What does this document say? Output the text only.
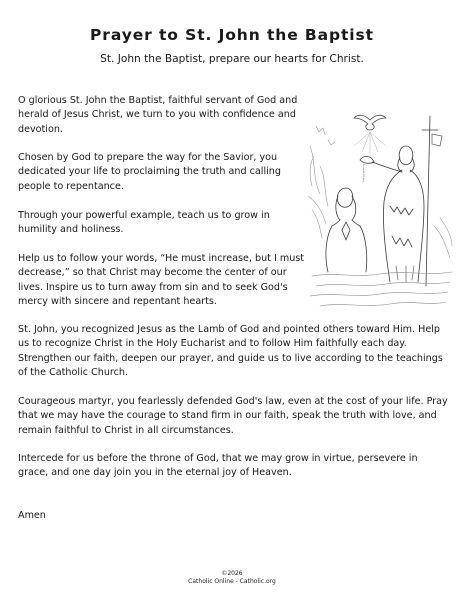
Prayer to St. John the Baptist

St. John the Baptist, prepare our hearts for Christ.

O glorious St. John the Baptist, faithful servant of God and herald of Jesus Christ, we turn to you with confidence and devotion.

Chosen by God to prepare the way for the Savior, you dedicated your life to proclaiming the truth and calling people to repentance.

Through your powerful example, teach us to grow in humility and holiness.

Help us to follow your words, “He must increase, but I must decrease,” so that Christ may become the center of our lives. Inspire us to turn away from sin and to seek God's mercy with sincere and repentant hearts.

St. John, you recognized Jesus as the Lamb of God and pointed others toward Him. Help us to recognize Christ in the Holy Eucharist and to follow Him faithfully each day. Strengthen our faith, deepen our prayer, and guide us to live according to the teachings of the Catholic Church.

Courageous martyr, you fearlessly defended God's law, even at the cost of your life. Pray that we may have the courage to stand firm in our faith, speak the truth with love, and remain faithful to Christ in all circumstances.

Intercede for us before the throne of God, that we may grow in virtue, persevere in grace, and one day join you in the eternal joy of Heaven.

Amen

©2026

Catholic Online - Catholic.org
